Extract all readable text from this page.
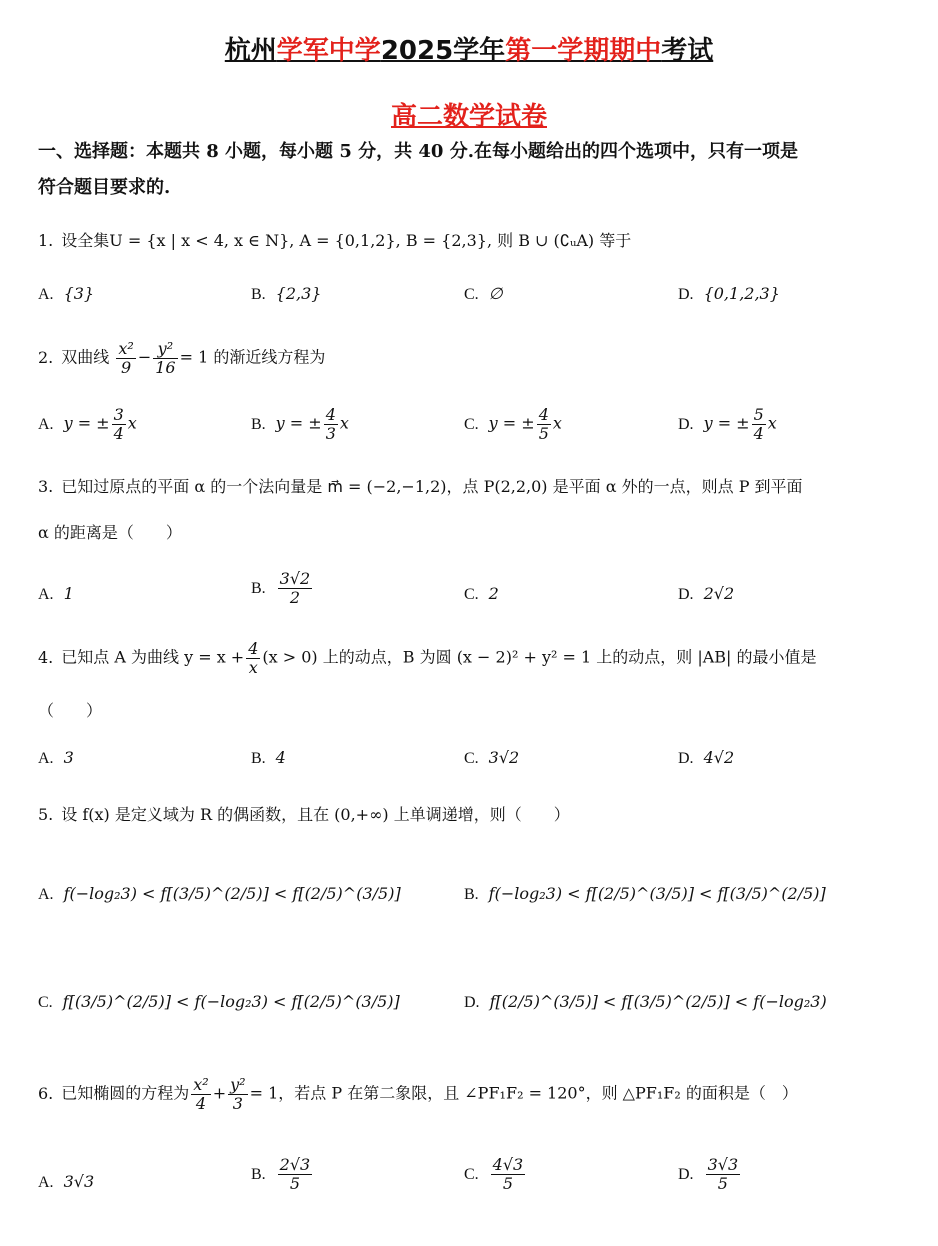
杭州学军中学2025学年第一学期期中考试
高二数学试卷
一、选择题：本题共 8 小题，每小题 5 分，共 40 分.在每小题给出的四个选项中，只有一项是
符合题目要求的.
1. 设全集U = {x | x < 4, x ∈ N}, A = {0,1,2}, B = {2,3}, 则 B ∪ (∁ᵤA) 等于
A. {3}	B. {2,3}	C. ∅	D. {0,1,2,3}
2. 双曲线 $\frac{\text{x²}}{9} - \frac{\text{y²}}{16} = 1$ 的渐近线方程为
A. y = ± $\frac{3}{4}$ x	B. y = ± $\frac{4}{3}$ x	C. y = ± $\frac{4}{5}$ x	D. y = ± $\frac{5}{4}$ x
3. 已知过原点的平面 α 的一个法向量是 m⃗ = (−2,−1,2)，点 P(2,2,0) 是平面 α 外的一点，则点 P 到平面
α 的距离是（　　）
A. 1	B. $\frac{3√2}{2}$	C. 2	D. 2√2
4. 已知点 A 为曲线 $y = x + \frac{4}{x} (x > 0)$ 上的动点，B 为圆 (x − 2)² + y² = 1 上的动点，则 |AB| 的最小值是
（　　）
A. 3	B. 4	C. 3√2	D. 4√2
5. 设 f(x) 是定义域为 R 的偶函数，且在 (0,+∞) 上单调递增，则（　　）
A. f(−log₂3) < f[(3/5)^(2/5)] < f[(2/5)^(3/5)]	B. f(−log₂3) < f[(2/5)^(3/5)] < f[(3/5)^(2/5)]
C. f[(3/5)^(2/5)] < f(−log₂3) < f[(2/5)^(3/5)]	D. f[(2/5)^(3/5)] < f[(3/5)^(2/5)] < f(−log₂3)
6. 已知椭圆的方程为 $\frac{\text{x²}}{4} + \frac{\text{y²}}{3} = 1$，若点 P 在第二象限，且 ∠PF₁F₂ = 120°，则 △PF₁F₂ 的面积是（　）
A. 3√3	B. $\frac{2√3}{5}$	C. $\frac{4√3}{5}$	D. $\frac{3√3}{5}$
